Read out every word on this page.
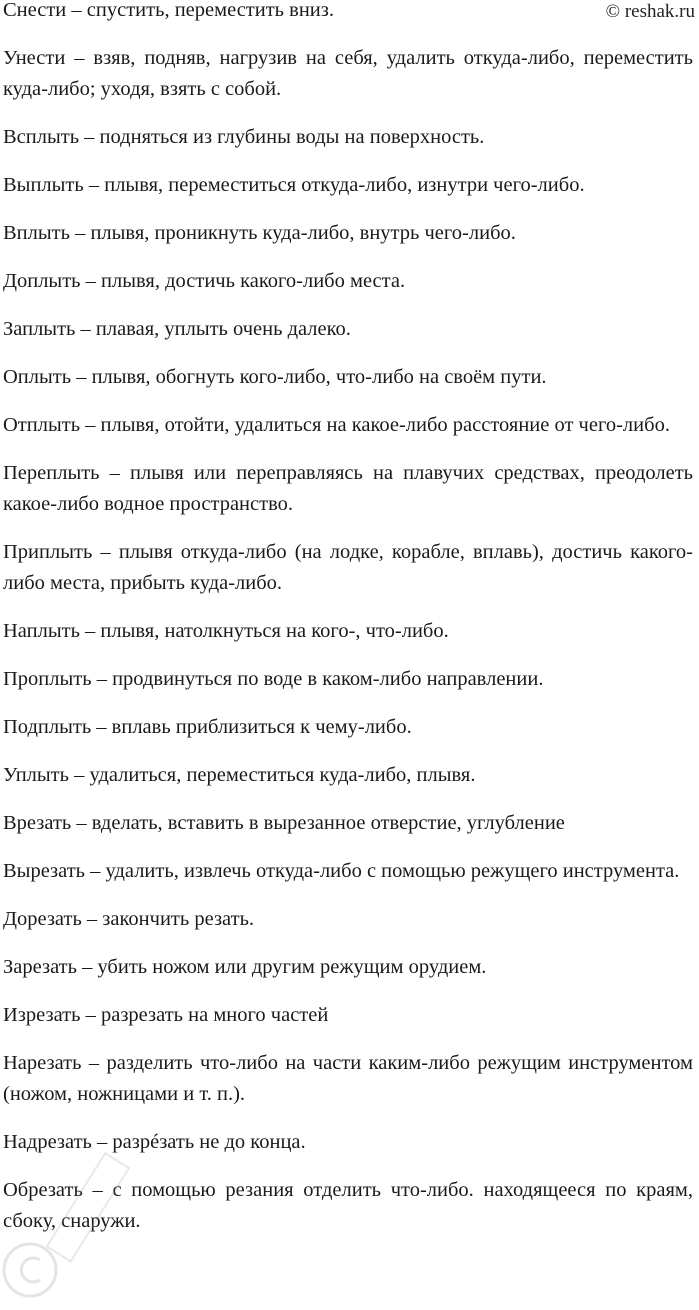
Снести – спустить, переместить вниз.

Унести – взяв, подняв, нагрузив на себя, удалить откуда-либо, переместить куда-либо; уходя, взять с собой.

Всплыть – подняться из глубины воды на поверхность.

Выплыть – плывя, переместиться откуда-либо, изнутри чего-либо.

Вплыть – плывя, проникнуть куда-либо, внутрь чего-либо.

Доплыть – плывя, достичь какого-либо места.

Заплыть – плавая, уплыть очень далеко.

Оплыть – плывя, обогнуть кого-либо, что-либо на своём пути.

Отплыть – плывя, отойти, удалиться на какое-либо расстояние от чего-либо.

Переплыть – плывя или переправляясь на плавучих средствах, преодолеть какое-либо водное пространство.

Приплыть – плывя откуда-либо (на лодке, корабле, вплавь), достичь какого-либо места, прибыть куда-либо.

Наплыть – плывя, натолкнуться на кого-, что-либо.

Проплыть – продвинуться по воде в каком-либо направлении.

Подплыть – вплавь приблизиться к чему-либо.

Уплыть – удалиться, переместиться куда-либо, плывя.

Врезать – вделать, вставить в вырезанное отверстие, углубление

Вырезать – удалить, извлечь откуда-либо с помощью режущего инструмента.

Дорезать – закончить резать.

Зарезать – убить ножом или другим режущим орудием.

Изрезать – разрезать на много частей

Нарезать – разделить что-либо на части каким-либо режущим инструментом (ножом, ножницами и т. п.).

Надрезать – разрéзать не до конца.

Обрезать – с помощью резания отделить что-либо. находящееся по краям, сбоку, снаружи.

© reshak.ru
